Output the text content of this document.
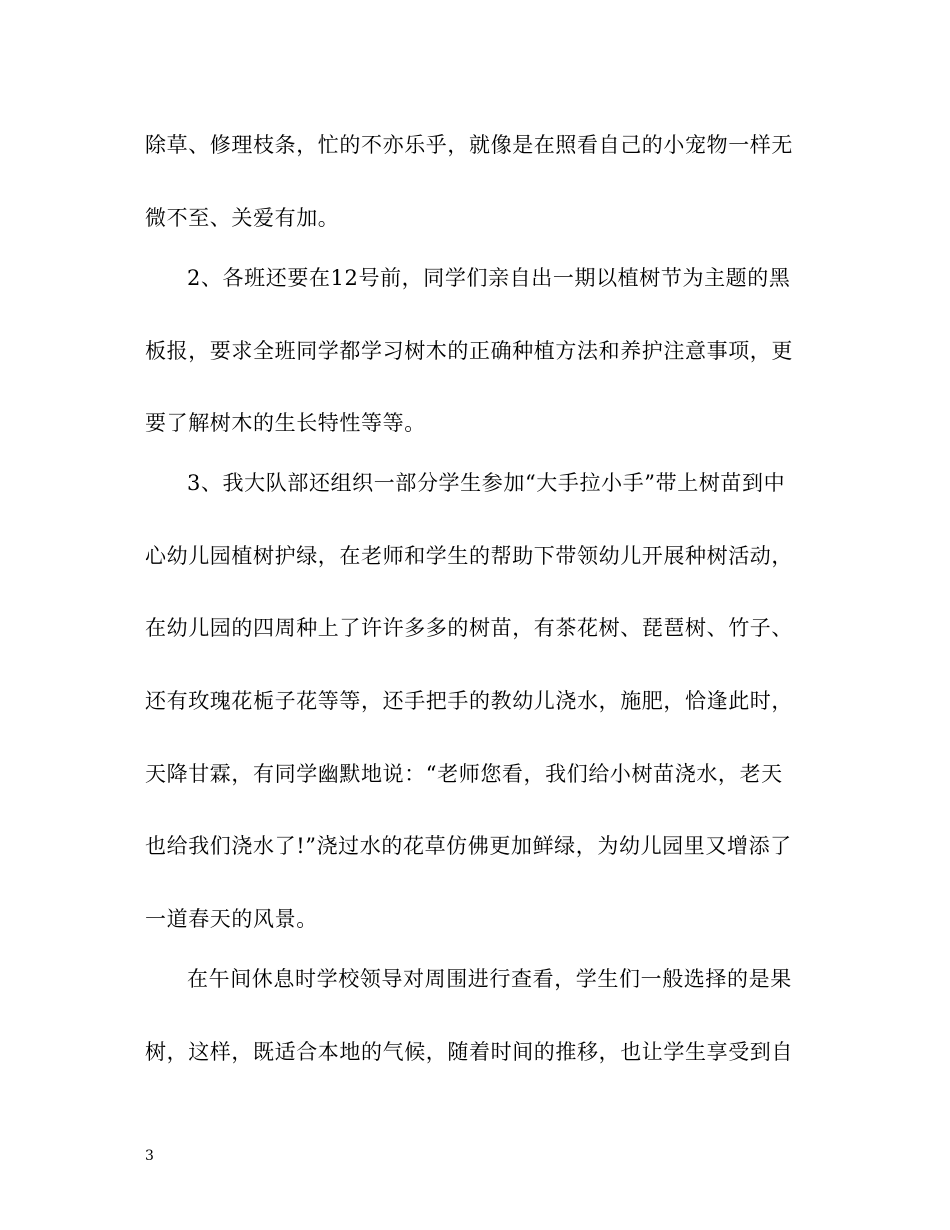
除草、修理枝条，忙的不亦乐乎，就像是在照看自己的小宠物一样无
微不至、关爱有加。
2、各班还要在12号前，同学们亲自出一期以植树节为主题的黑
板报，要求全班同学都学习树木的正确种植方法和养护注意事项，更
要了解树木的生长特性等等。
3、我大队部还组织一部分学生参加“大手拉小手”带上树苗到中
心幼儿园植树护绿，在老师和学生的帮助下带领幼儿开展种树活动，
在幼儿园的四周种上了许许多多的树苗，有茶花树、琵琶树、竹子、
还有玫瑰花栀子花等等，还手把手的教幼儿浇水，施肥，恰逢此时，
天降甘霖，有同学幽默地说：“老师您看，我们给小树苗浇水，老天
也给我们浇水了!”浇过水的花草仿佛更加鲜绿，为幼儿园里又增添了
一道春天的风景。
在午间休息时学校领导对周围进行查看，学生们一般选择的是果
树，这样，既适合本地的气候，随着时间的推移，也让学生享受到自
3
